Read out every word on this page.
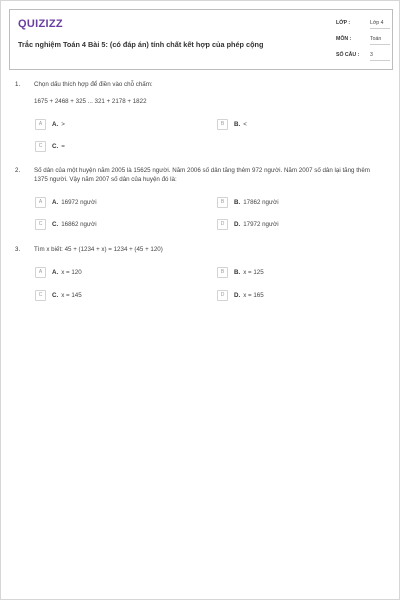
QUIZIZZ
Trắc nghiệm Toán 4 Bài 5: (có đáp án) tính chất kết hợp của phép cộng
LỚP :	Lớp 4
MÔN :	Toán
SỐ CÂU : 3
1. Chọn dấu thích hợp để điền vào chỗ chấm:
1675 + 2468 + 325 ... 321 + 2178 + 1822
A	A. >	B	B. <
C	C. =
2. Số dân của một huyện năm 2005 là 15625 người. Năm 2006 số dân tăng thêm 972 người. Năm 2007 số dân lại tăng thêm 1375 người. Vậy năm 2007 số dân của huyện đó là:
A	A. 16972 người	B	B. 17862 người
C	C. 16862 người	D	D. 17972 người
3. Tìm x biết: 45 + (1234 + x) = 1234 + (45 + 120)
A	A. x = 120	B	B. x = 125
C	C. x = 145	D	D. x = 165
